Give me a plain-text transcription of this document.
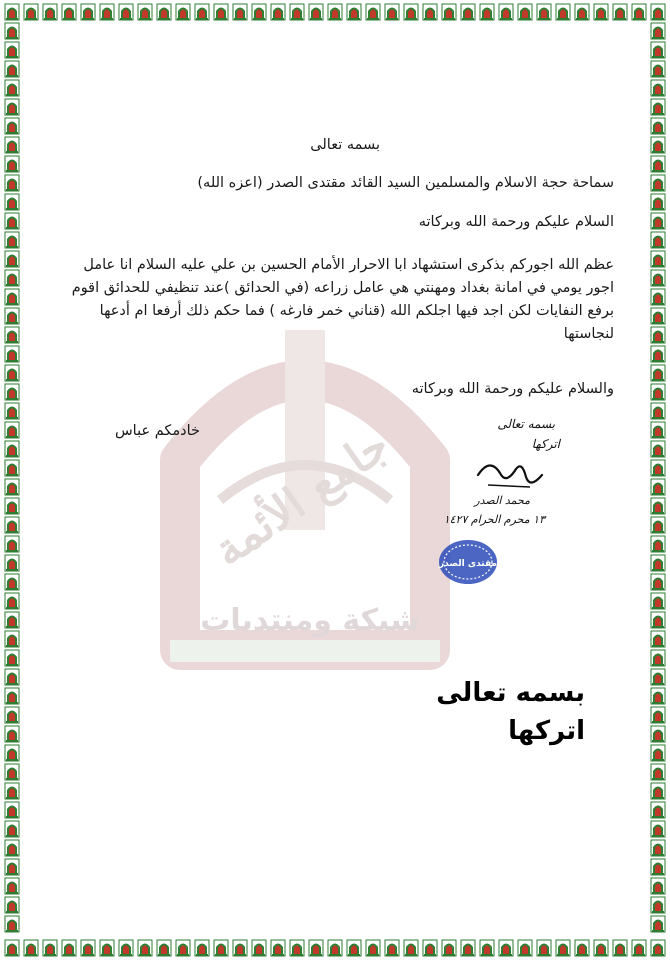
جامع الأئمة
شبكة ومنتديات
بسمه تعالى
سماحة حجة الاسلام والمسلمين السيد القائد مقتدى الصدر (اعزه الله)
السلام عليكم ورحمة الله وبركاته
عظم الله اجوركم بذكرى استشهاد ابا الاحرار الأمام الحسين بن علي عليه السلام انا عامل اجور يومي في امانة بغداد ومهنتي هي عامل زراعه (في الحدائق )عند تنظيفي للحدائق اقوم برفع النفايات لكن اجد فيها اجلكم الله (قناني خمر فارغه ) فما حكم ذلك أرفعا ام أدعها لنجاستها
والسلام عليكم ورحمة الله وبركاته
خادمكم عباس	بسمه تعالى
اتركها
محمد الصدر
١٣ محرم الحرام ١٤٢٧
مقتدى الصدر
بسمه تعالى
اتركها
